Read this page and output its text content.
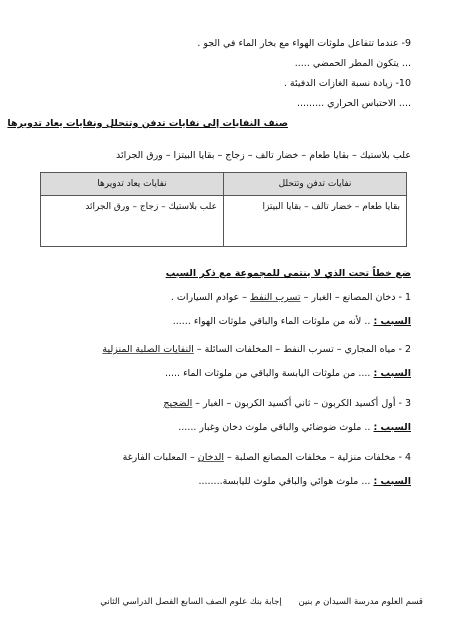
9- عندما تتفاعل ملوثات الهواء مع بخار الماء في الجو .
... يتكون المطر الحمضي .....
10- زيادة نسبة الغازات الدفيئة .
.... الاحتباس الحراري .........
صنف النفايات إلى نفايات تدفن وتتحلل ونفايات يعاد تدويرها
علب بلاستيك – بقايا طعام – خضار تالف – زجاج – بقايا البيتزا – ورق الجرائد
نفايات تدفن وتتحلل	نفايات يعاد تدويرها
بقايا طعام – خضار تالف – بقايا البيتزا	علب بلاستيك – زجاج – ورق الجرائد

ضع خطاً تحت الذي لا ينتمي للمجموعة مع ذكر السبب
1 - دخان المصانع – الغبار – تسرب النفط – عوادم السيارات .
السبب : .. لأنه من ملوثات الماء والباقي ملوثات الهواء ......
2 - مياه المجاري – تسرب النفط – المخلفات السائلة – النفايات الصلبة المنزلية
السبب : .... من ملوثات اليابسة والباقي من ملوثات الماء .....
3 - أول أكسيد الكربون – ثاني أكسيد الكربون – الغبار – الضجيج
السبب : .. ملوث ضوضائي والباقي ملوث دخان وغبار ......
4 - مخلفات منزلية – مخلفات المصانع الصلبة – الدخان – المعلبات الفارغة
السبب : ... ملوث هوائي والباقي ملوث لليابسة........
قسم العلوم مدرسة السيدان م بنين إجابة بنك علوم الصف السابع الفصل الدراسي الثاني
